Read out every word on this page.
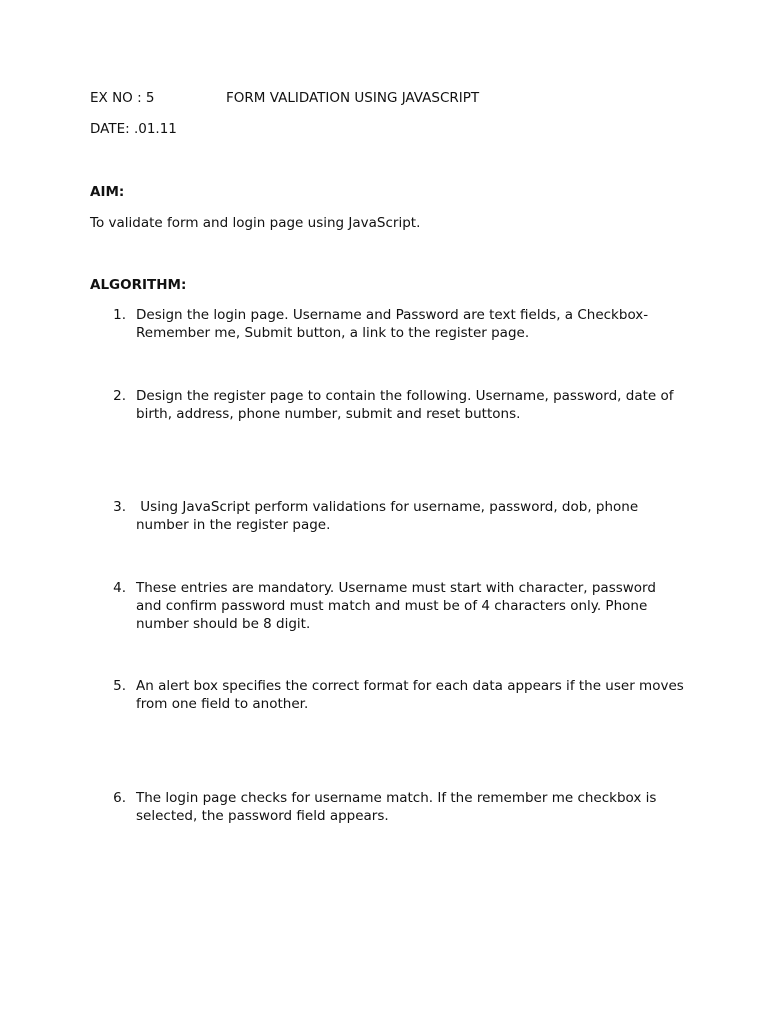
EX NO : 5	FORM VALIDATION USING JAVASCRIPT
DATE: .01.11
AIM:
To validate form and login page using JavaScript.
ALGORITHM:
1. Design the login page. Username and Password are text fields, a Checkbox-Remember me, Submit button, a link to the register page.
2. Design the register page to contain the following. Username, password, date of birth, address, phone number, submit and reset buttons.
3. Using JavaScript perform validations for username, password, dob, phone number in the register page.
4. These entries are mandatory. Username must start with character, password and confirm password must match and must be of 4 characters only. Phone number should be 8 digit.
5. An alert box specifies the correct format for each data appears if the user moves from one field to another.
6. The login page checks for username match. If the remember me checkbox is selected, the password field appears.
